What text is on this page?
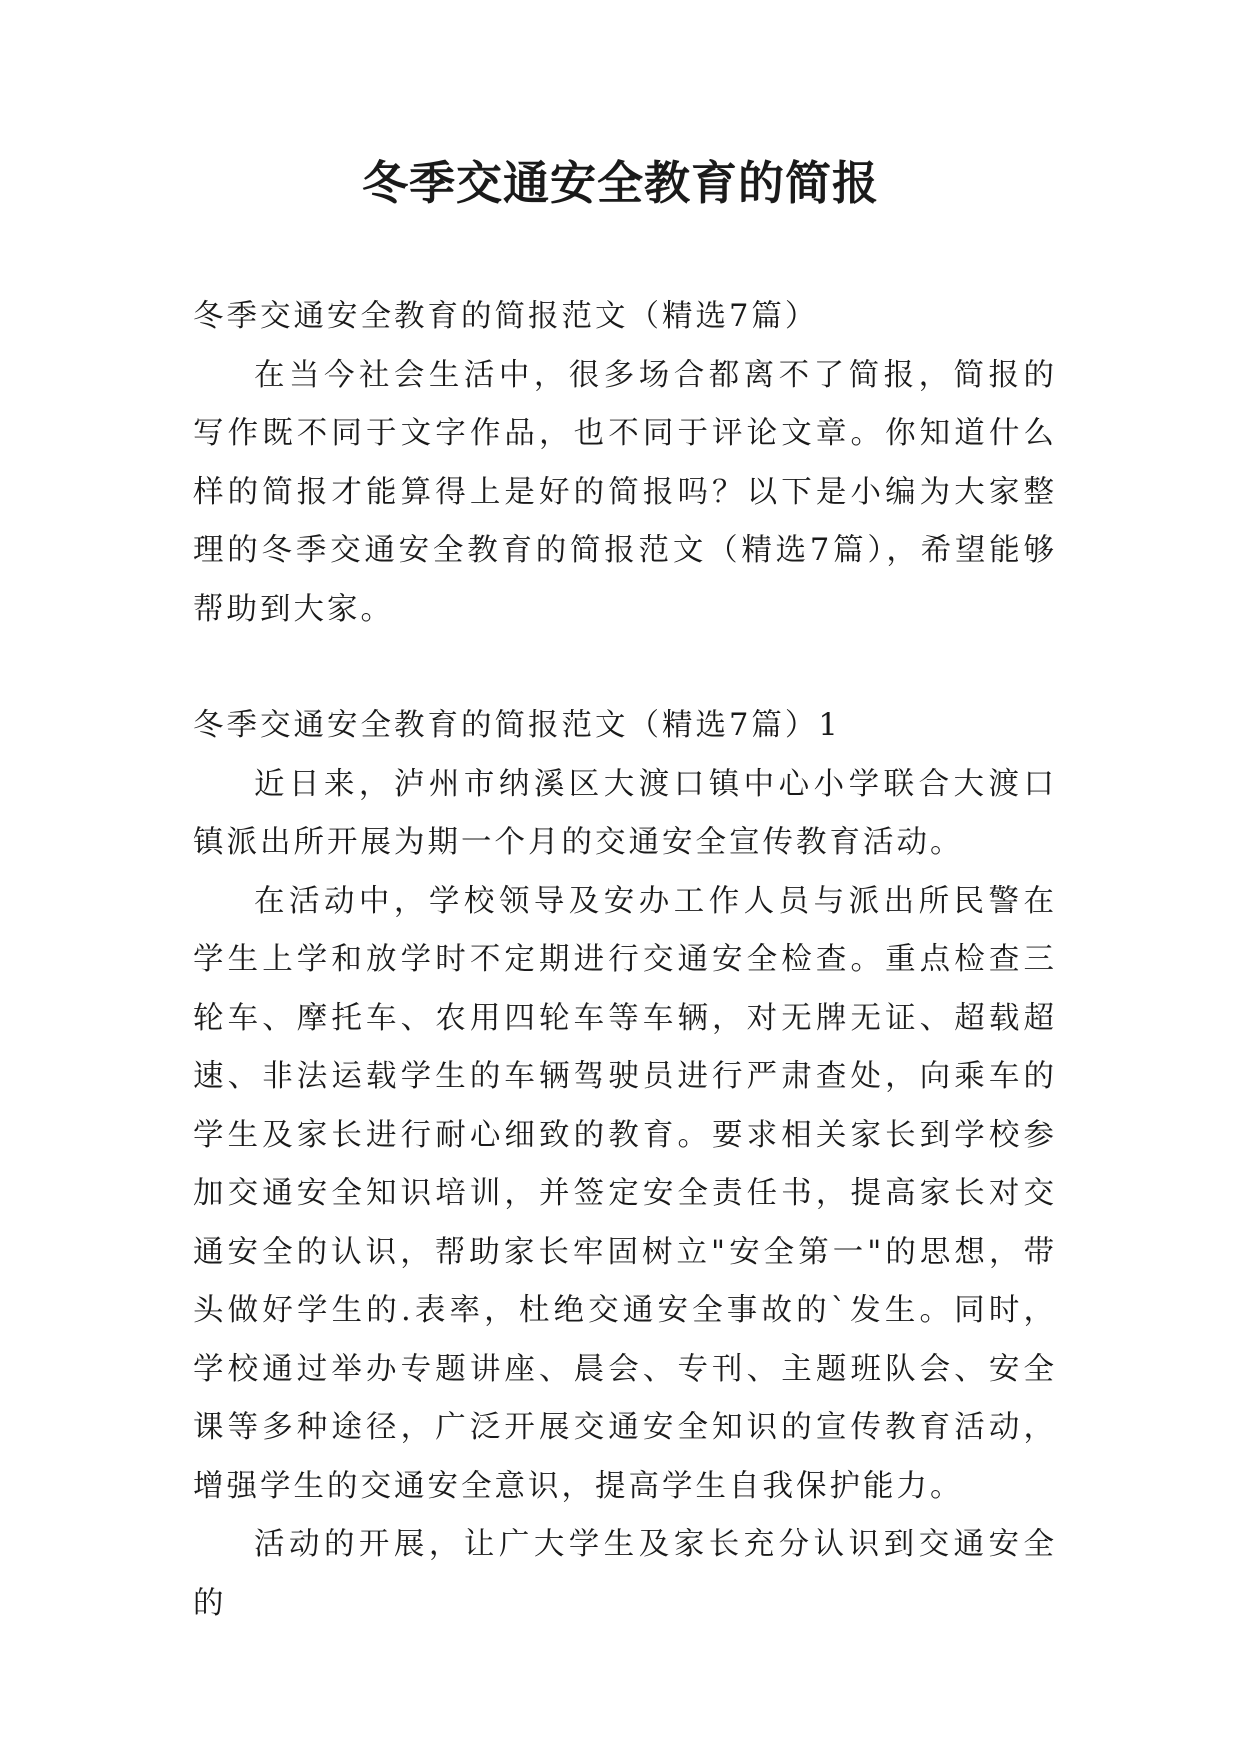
冬季交通安全教育的简报

冬季交通安全教育的简报范文（精选7篇）

在当今社会生活中，很多场合都离不了简报，简报的写作既不同于文字作品，也不同于评论文章。你知道什么样的简报才能算得上是好的简报吗？以下是小编为大家整理的冬季交通安全教育的简报范文（精选7篇），希望能够帮助到大家。

冬季交通安全教育的简报范文（精选7篇）1

近日来，泸州市纳溪区大渡口镇中心小学联合大渡口镇派出所开展为期一个月的交通安全宣传教育活动。

在活动中，学校领导及安办工作人员与派出所民警在学生上学和放学时不定期进行交通安全检查。重点检查三轮车、摩托车、农用四轮车等车辆，对无牌无证、超载超速、非法运载学生的车辆驾驶员进行严肃查处，向乘车的学生及家长进行耐心细致的教育。要求相关家长到学校参加交通安全知识培训，并签定安全责任书，提高家长对交通安全的认识，帮助家长牢固树立"安全第一"的思想，带头做好学生的.表率，杜绝交通安全事故的`发生。同时，学校通过举办专题讲座、晨会、专刊、主题班队会、安全课等多种途径，广泛开展交通安全知识的宣传教育活动，增强学生的交通安全意识，提高学生自我保护能力。

活动的开展，让广大学生及家长充分认识到交通安全的
